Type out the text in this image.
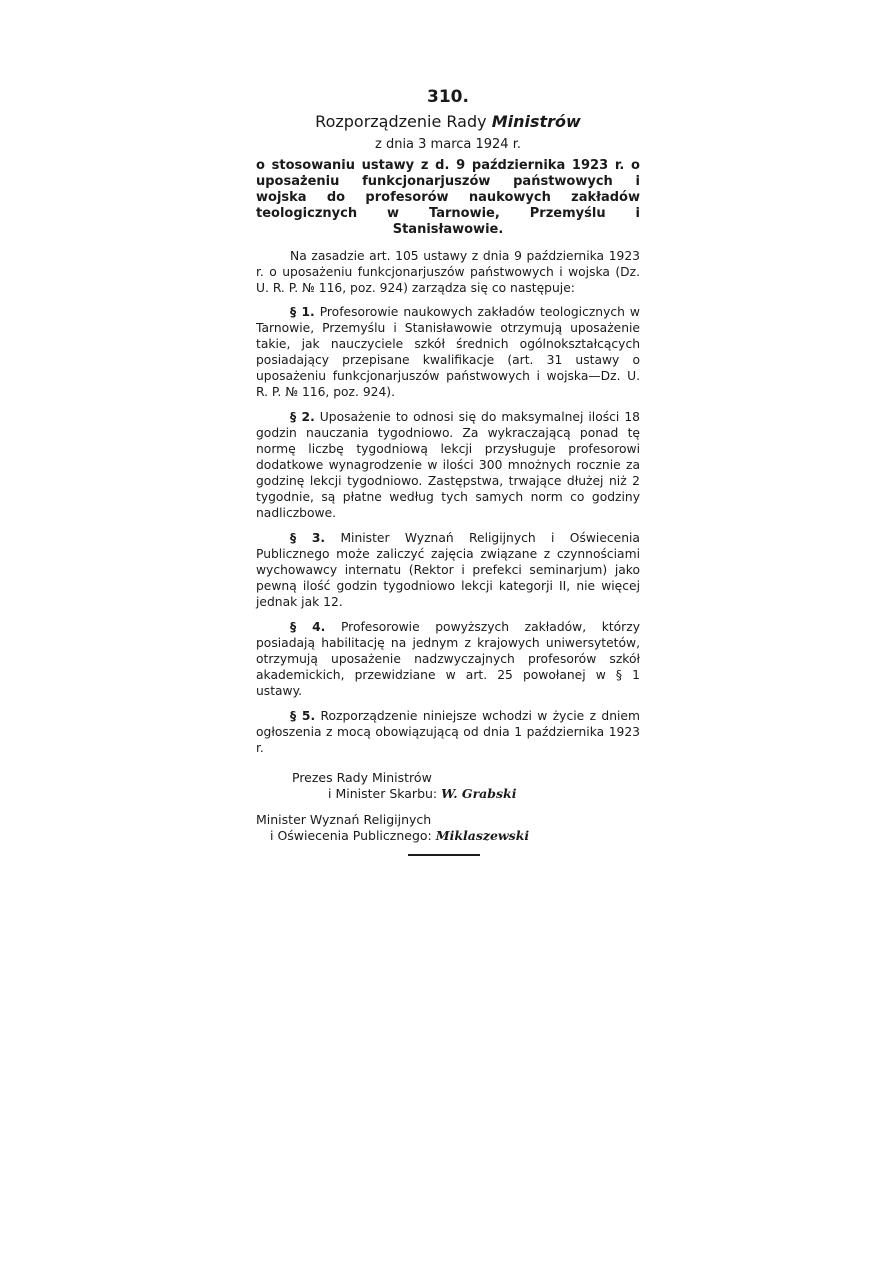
310.
Rozporządzenie Rady Ministrów
z dnia 3 marca 1924 r.
o stosowaniu ustawy z d. 9 października 1923 r. o uposażeniu funkcjonarjuszów państwowych i wojska do profesorów naukowych zakładów teologicznych w Tarnowie, Przemyślu i Stanisławowie.

Na zasadzie art. 105 ustawy z dnia 9 października 1923 r. o uposażeniu funkcjonarjuszów państwowych i wojska (Dz. U. R. P. № 116, poz. 924) zarządza się co następuje:

§ 1. Profesorowie naukowych zakładów teologicznych w Tarnowie, Przemyślu i Stanisławowie otrzymują uposażenie takie, jak nauczyciele szkół średnich ogólnokształcących posiadający przepisane kwalifikacje (art. 31 ustawy o uposażeniu funkcjonarjuszów państwowych i wojska—Dz. U. R. P. № 116, poz. 924).

§ 2. Uposażenie to odnosi się do maksymalnej ilości 18 godzin nauczania tygodniowo. Za wykraczającą ponad tę normę liczbę tygodniową lekcji przysługuje profesorowi dodatkowe wynagrodzenie w ilości 300 mnożnych rocznie za godzinę lekcji tygodniowo. Zastępstwa, trwające dłużej niż 2 tygodnie, są płatne według tych samych norm co godziny nadliczbowe.

§ 3. Minister Wyznań Religijnych i Oświecenia Publicznego może zaliczyć zajęcia związane z czynnościami wychowawcy internatu (Rektor i prefekci seminarjum) jako pewną ilość godzin tygodniowo lekcji kategorji II, nie więcej jednak jak 12.

§ 4. Profesorowie powyższych zakładów, którzy posiadają habilitację na jednym z krajowych uniwersytetów, otrzymują uposażenie nadzwyczajnych profesorów szkół akademickich, przewidziane w art. 25 powołanej w § 1 ustawy.

§ 5. Rozporządzenie niniejsze wchodzi w życie z dniem ogłoszenia z mocą obowiązującą od dnia 1 października 1923 r.

Prezes Rady Ministrów
i Minister Skarbu: W. Grabski
Minister Wyznań Religijnych
i Oświecenia Publicznego: Miklaszewski
